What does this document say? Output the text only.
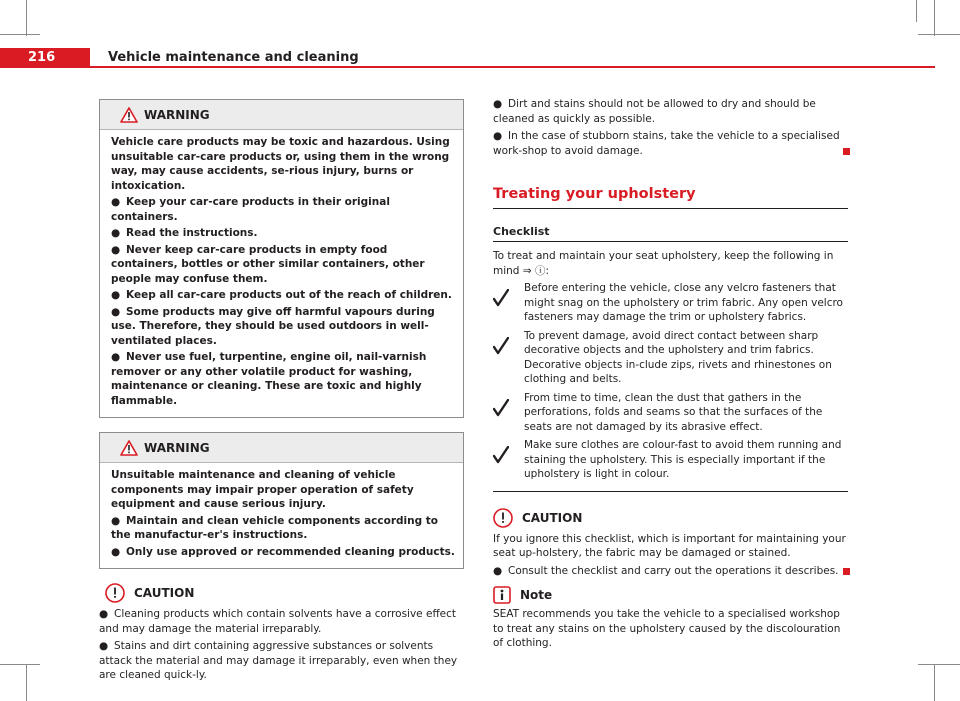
216	Vehicle maintenance and cleaning
WARNING

Vehicle care products may be toxic and hazardous. Using unsuitable car-care products or, using them in the wrong way, may cause accidents, se-rious injury, burns or intoxication.

● Keep your car-care products in their original containers.

● Read the instructions.

● Never keep car-care products in empty food containers, bottles or other similar containers, other people may confuse them.

● Keep all car-care products out of the reach of children.

● Some products may give off harmful vapours during use. Therefore, they should be used outdoors in well-ventilated places.

● Never use fuel, turpentine, engine oil, nail-varnish remover or any other volatile product for washing, maintenance or cleaning. These are toxic and highly flammable.

WARNING

Unsuitable maintenance and cleaning of vehicle components may impair proper operation of safety equipment and cause serious injury.

● Maintain and clean vehicle components according to the manufactur-er's instructions.

● Only use approved or recommended cleaning products.

CAUTION

● Cleaning products which contain solvents have a corrosive effect and may damage the material irreparably.

● Stains and dirt containing aggressive substances or solvents attack the material and may damage it irreparably, even when they are cleaned quick-ly.

● Dirt and stains should not be allowed to dry and should be cleaned as quickly as possible.

● In the case of stubborn stains, take the vehicle to a specialised work-shop to avoid damage.

Treating your upholstery
Checklist
To treat and maintain your seat upholstery, keep the following in mind ⇒ ⓘ:
Before entering the vehicle, close any velcro fasteners that might snag on the upholstery or trim fabric. Any open velcro fasteners may damage the trim or upholstery fabrics.
To prevent damage, avoid direct contact between sharp decorative objects and the upholstery and trim fabrics. Decorative objects in-clude zips, rivets and rhinestones on clothing and belts.
From time to time, clean the dust that gathers in the perforations, folds and seams so that the surfaces of the seats are not damaged by its abrasive effect.
Make sure clothes are colour-fast to avoid them running and staining the upholstery. This is especially important if the upholstery is light in colour.
CAUTION

If you ignore this checklist, which is important for maintaining your seat up-holstery, the fabric may be damaged or stained.

● Consult the checklist and carry out the operations it describes.

Note
SEAT recommends you take the vehicle to a specialised workshop to treat any stains on the upholstery caused by the discolouration of clothing.
